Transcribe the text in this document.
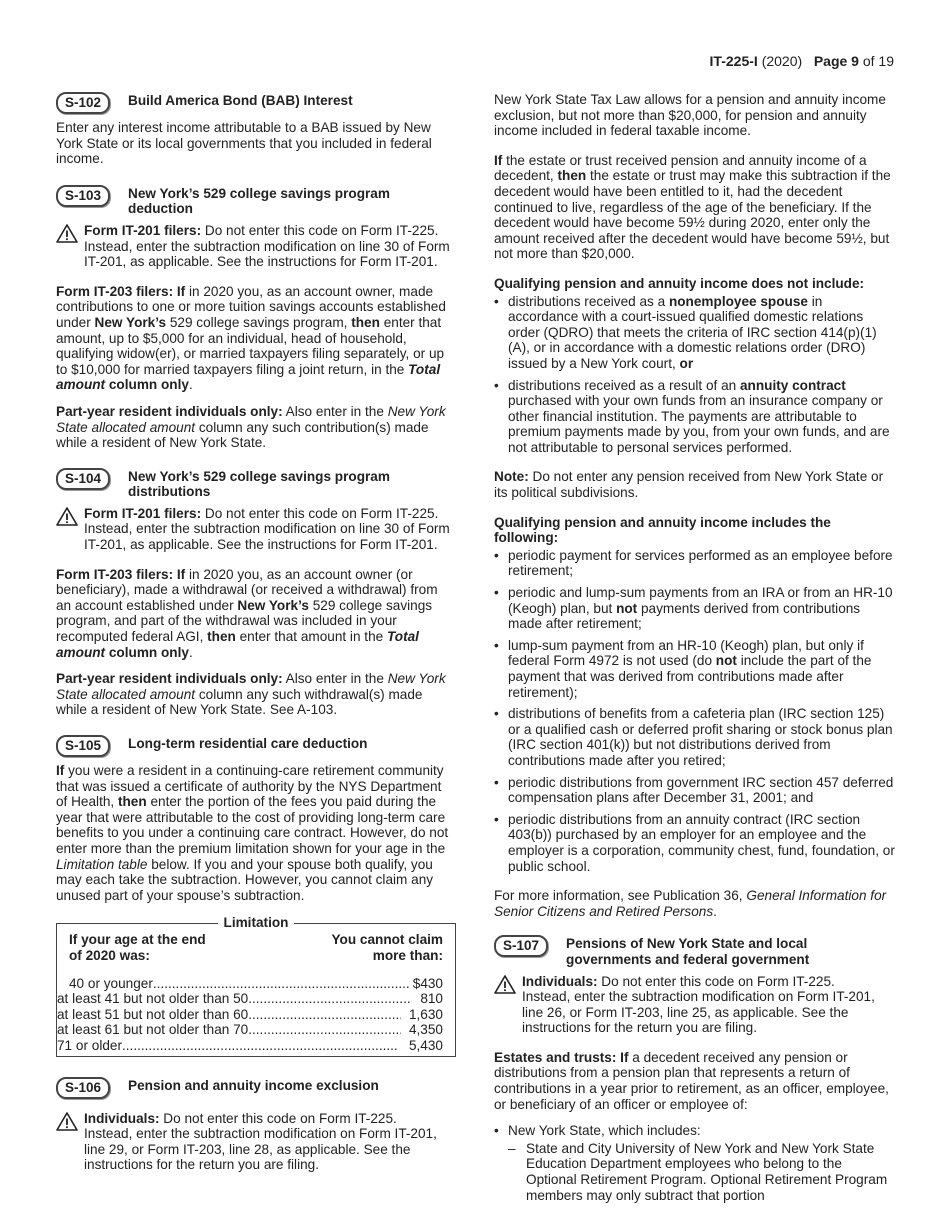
IT-225-I (2020) Page 9 of 19
S-102	Build America Bond (BAB) Interest

Enter any interest income attributable to a BAB issued by New York State or its local governments that you included in federal income.

S-103	New York’s 529 college savings program deduction

Form IT-201 filers: Do not enter this code on Form IT-225.
Instead, enter the subtraction modification on line 30 of Form IT-201, as applicable. See the instructions for Form IT-201.

Form IT-203 filers: If in 2020 you, as an account owner, made contributions to one or more tuition savings accounts established under New York’s 529 college savings program, then enter that amount, up to $5,000 for an individual, head of household, qualifying widow(er), or married taxpayers filing separately, or up to $10,000 for married taxpayers filing a joint return, in the Total amount column only.

Part-year resident individuals only: Also enter in the New York State allocated amount column any such contribution(s) made while a resident of New York State.

S-104	New York’s 529 college savings program distributions

Form IT-201 filers: Do not enter this code on Form IT-225.
Instead, enter the subtraction modification on line 30 of Form IT-201, as applicable. See the instructions for Form IT-201.

Form IT-203 filers: If in 2020 you, as an account owner (or beneficiary), made a withdrawal (or received a withdrawal) from an account established under New York’s 529 college savings program, and part of the withdrawal was included in your recomputed federal AGI, then enter that amount in the Total amount column only.

Part-year resident individuals only: Also enter in the New York State allocated amount column any such withdrawal(s) made while a resident of New York State. See A-103.

S-105	Long-term residential care deduction

If you were a resident in a continuing-care retirement community that was issued a certificate of authority by the NYS Department of Health, then enter the portion of the fees you paid during the year that were attributable to the cost of providing long-term care benefits to you under a continuing care contract. However, do not enter more than the premium limitation shown for your age in the Limitation table below. If you and your spouse both qualify, you may each take the subtraction. However, you cannot claim any unused part of your spouse’s subtraction.

Limitation
If your age at the end of 2020 was:
You cannot claim more than:
40 or younger .....	$ 430
at least 41 but not older than 50 .....	810
at least 51 but not older than 60 .....	1,630
at least 61 but not older than 70 .....	4,350
71 or older .....	5,430
S-106	Pension and annuity income exclusion

Individuals: Do not enter this code on Form IT-225.
Instead, enter the subtraction modification on Form IT-201, line 29, or Form IT-203, line 28, as applicable. See the instructions for the return you are filing.

New York State Tax Law allows for a pension and annuity income exclusion, but not more than $20,000, for pension and annuity income included in federal taxable income.

If the estate or trust received pension and annuity income of a decedent, then the estate or trust may make this subtraction if the decedent would have been entitled to it, had the decedent continued to live, regardless of the age of the beneficiary. If the decedent would have become 59½ during 2020, enter only the amount received after the decedent would have become 59½, but not more than $20,000.

Qualifying pension and annuity income does not include:

• distributions received as a nonemployee spouse in accordance with a court-issued qualified domestic relations order (QDRO) that meets the criteria of IRC section 414(p)(1)(A), or in accordance with a domestic relations order (DRO) issued by a New York court, or
• distributions received as a result of an annuity contract purchased with your own funds from an insurance company or other financial institution. The payments are attributable to premium payments made by you, from your own funds, and are not attributable to personal services performed.

Note: Do not enter any pension received from New York State or its political subdivisions.

Qualifying pension and annuity income includes the following:

• periodic payment for services performed as an employee before retirement;
• periodic and lump-sum payments from an IRA or from an HR-10 (Keogh) plan, but not payments derived from contributions made after retirement;
• lump-sum payment from an HR-10 (Keogh) plan, but only if federal Form 4972 is not used (do not include the part of the payment that was derived from contributions made after retirement);
• distributions of benefits from a cafeteria plan (IRC section 125) or a qualified cash or deferred profit sharing or stock bonus plan (IRC section 401(k)) but not distributions derived from contributions made after you retired;
• periodic distributions from government IRC section 457 deferred compensation plans after December 31, 2001; and
• periodic distributions from an annuity contract (IRC section 403(b)) purchased by an employer for an employee and the employer is a corporation, community chest, fund, foundation, or public school.

For more information, see Publication 36, General Information for Senior Citizens and Retired Persons.

S-107	Pensions of New York State and local governments and federal government

Individuals: Do not enter this code on Form IT-225.
Instead, enter the subtraction modification on Form IT-201, line 26, or Form IT-203, line 25, as applicable. See the instructions for the return you are filing.

Estates and trusts: If a decedent received any pension or distributions from a pension plan that represents a return of contributions in a year prior to retirement, as an officer, employee, or beneficiary of an officer or employee of:

• New York State, which includes:
– State and City University of New York and New York State Education Department employees who belong to the Optional Retirement Program. Optional Retirement Program members may only subtract that portion
